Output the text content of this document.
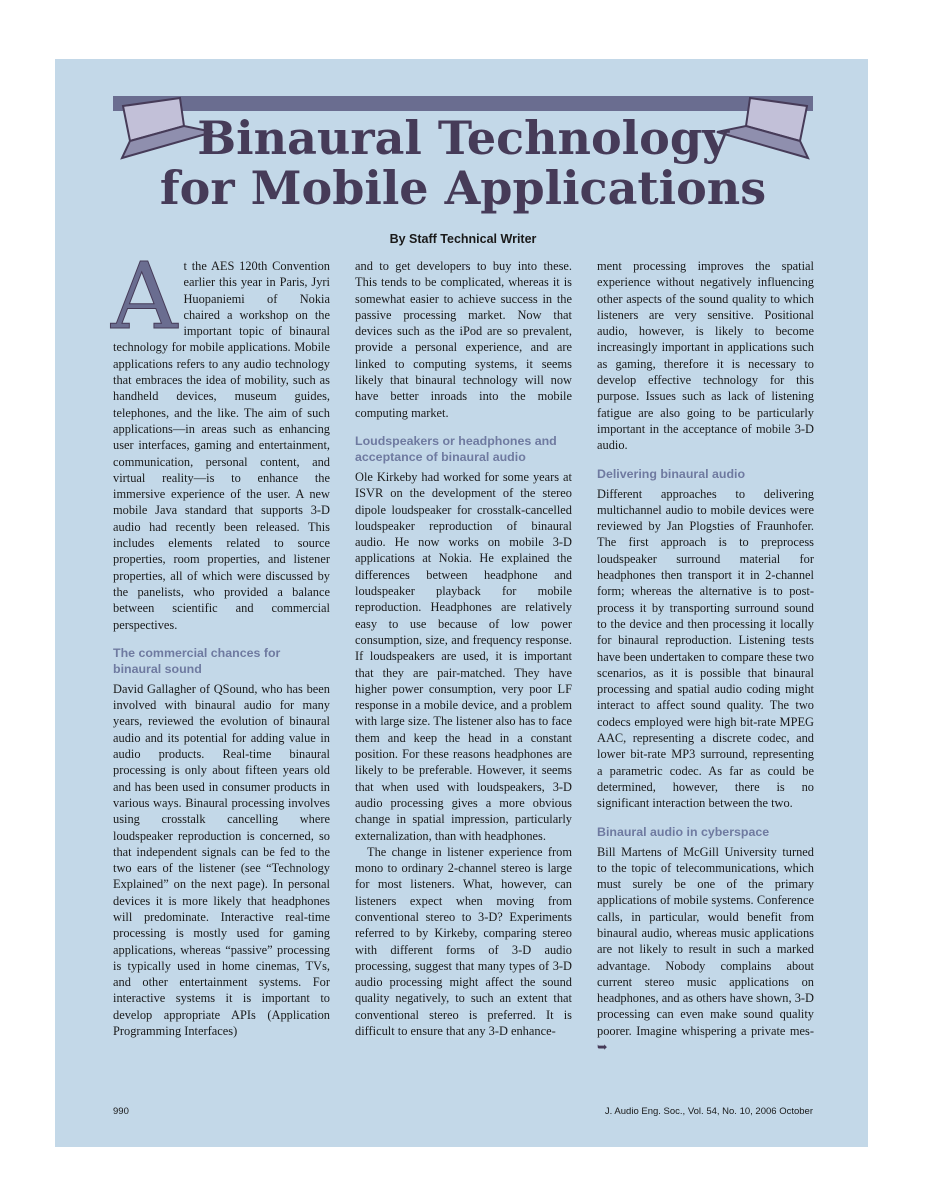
Binaural Technology
for Mobile Applications
By Staff Technical Writer

At the AES 120th Convention earlier this year in Paris, Jyri Huopaniemi of Nokia chaired a workshop on the important topic of binaural technology for mobile applications. Mobile applications refers to any audio technology that embraces the idea of mobility, such as handheld devices, museum guides, telephones, and the like. The aim of such applications—in areas such as enhancing user interfaces, gaming and entertainment, communication, personal content, and virtual reality—is to enhance the immersive experience of the user. A new mobile Java standard that supports 3-D audio had recently been released. This includes elements related to source properties, room properties, and listener properties, all of which were discussed by the panelists, who provided a balance between scientific and commercial perspectives.

The commercial chances for binaural sound

David Gallagher of QSound, who has been involved with binaural audio for many years, reviewed the evolution of binaural audio and its potential for adding value in audio products. Real-time binaural processing is only about fifteen years old and has been used in consumer products in various ways. Binaural processing involves using crosstalk cancelling where loudspeaker reproduction is concerned, so that independent signals can be fed to the two ears of the listener (see “Technology Explained” on the next page). In personal devices it is more likely that headphones will predominate. Interactive real-time processing is mostly used for gaming applications, whereas “passive” processing is typically used in home cinemas, TVs, and other entertainment systems. For interactive systems it is important to develop appropriate APIs (Application Programming Interfaces)

and to get developers to buy into these. This tends to be complicated, whereas it is somewhat easier to achieve success in the passive processing market. Now that devices such as the iPod are so prevalent, provide a personal experience, and are linked to computing systems, it seems likely that binaural technology will now have better inroads into the mobile computing market.

Loudspeakers or headphones and acceptance of binaural audio

Ole Kirkeby had worked for some years at ISVR on the development of the stereo dipole loudspeaker for crosstalk-cancelled loudspeaker reproduction of binaural audio. He now works on mobile 3-D applications at Nokia. He explained the differences between headphone and loudspeaker playback for mobile reproduction. Headphones are relatively easy to use because of low power consumption, size, and frequency response. If loudspeakers are used, it is important that they are pair-matched. They have higher power consumption, very poor LF response in a mobile device, and a problem with large size. The listener also has to face them and keep the head in a constant position. For these reasons headphones are likely to be preferable. However, it seems that when used with loudspeakers, 3-D audio processing gives a more obvious change in spatial impression, particularly externalization, than with headphones.

The change in listener experience from mono to ordinary 2-channel stereo is large for most listeners. What, however, can listeners expect when moving from conventional stereo to 3-D? Experiments referred to by Kirkeby, comparing stereo with different forms of 3-D audio processing, suggest that many types of 3-D audio processing might affect the sound quality negatively, to such an extent that conventional stereo is preferred. It is difficult to ensure that any 3-D enhance-

ment processing improves the spatial experience without negatively influencing other aspects of the sound quality to which listeners are very sensitive. Positional audio, however, is likely to become increasingly important in applications such as gaming, therefore it is necessary to develop effective technology for this purpose. Issues such as lack of listening fatigue are also going to be particularly important in the acceptance of mobile 3-D audio.

Delivering binaural audio

Different approaches to delivering multichannel audio to mobile devices were reviewed by Jan Plogsties of Fraunhofer. The first approach is to preprocess loudspeaker surround material for headphones then transport it in 2-channel form; whereas the alternative is to post-process it by transporting surround sound to the device and then processing it locally for binaural reproduction. Listening tests have been undertaken to compare these two scenarios, as it is possible that binaural processing and spatial audio coding might interact to affect sound quality. The two codecs employed were high bit-rate MPEG AAC, representing a discrete codec, and lower bit-rate MP3 surround, representing a parametric codec. As far as could be determined, however, there is no significant interaction between the two.

Binaural audio in cyberspace

Bill Martens of McGill University turned to the topic of telecommunications, which must surely be one of the primary applications of mobile systems. Conference calls, in particular, would benefit from binaural audio, whereas music applications are not likely to result in such a marked advantage. Nobody complains about current stereo music applications on headphones, and as others have shown, 3-D processing can even make sound quality poorer. Imagine whispering a private mes- ➥

990	J. Audio Eng. Soc., Vol. 54, No. 10, 2006 October
